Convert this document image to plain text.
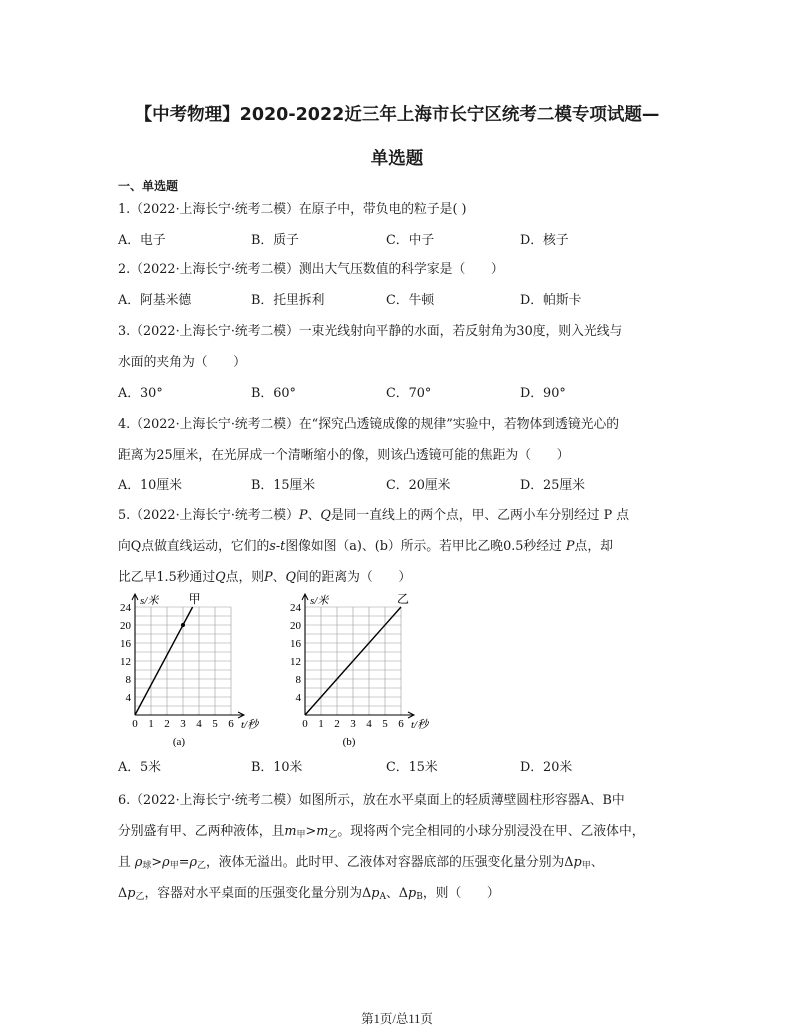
【中考物理】2020-2022近三年上海市长宁区统考二模专项试题—
单选题
一、单选题
1.（2022·上海长宁·统考二模）在原子中，带负电的粒子是( )
A．电子	B．质子	C．中子	D．核子
2.（2022·上海长宁·统考二模）测出大气压数值的科学家是（　　）
A．阿基米德	B．托里拆利	C．牛顿	D．帕斯卡
3.（2022·上海长宁·统考二模）一束光线射向平静的水面，若反射角为30度，则入光线与
水面的夹角为（　　）
A．30°	B．60°	C．70°	D．90°
4.（2022·上海长宁·统考二模）在“探究凸透镜成像的规律”实验中，若物体到透镜光心的
距离为25厘米，在光屏成一个清晰缩小的像，则该凸透镜可能的焦距为（　　）
A．10厘米	B．15厘米	C．20厘米	D．25厘米
5.（2022·上海长宁·统考二模）P、Q是同一直线上的两个点，甲、乙两小车分别经过 P 点
向Q点做直线运动，它们的s-t图像如图（a)、(b）所示。若甲比乙晚0.5秒经过 P点，却
比乙早1.5秒通过Q点，则P、Q间的距离为（　　）
0 1 2 3 4 5 6
4
8
12
16
20
24
s/米
t/秒
甲
(a)
0 1 2 3 4 5 6
4
8
12
16
20
24
s/米
t/秒
乙
(b)
A．5米	B．10米	C．15米	D．20米
6.（2022·上海长宁·统考二模）如图所示，放在水平桌面上的轻质薄壁圆柱形容器A、B中
分别盛有甲、乙两种液体，且$m_甲>m_乙$。现将两个完全相同的小球分别浸没在甲、乙液体中，
且 $\rho_球>\rho_甲=\rho_乙$，液体无溢出。此时甲、乙液体对容器底部的压强变化量分别为$\Delta p_甲$、
$\Delta p_乙$，容器对水平桌面的压强变化量分别为$\Delta p_A$、$\Delta p_B$，则（　　）
第1页/总11页
